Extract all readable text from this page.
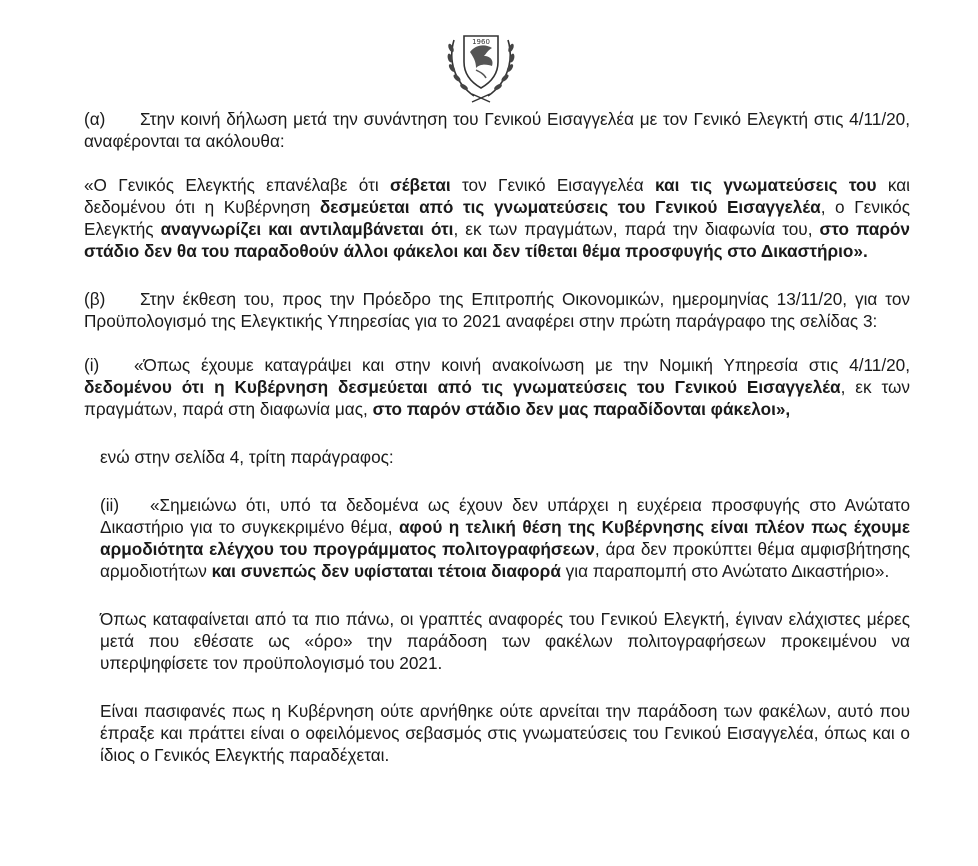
1960

(α) Στην κοινή δήλωση μετά την συνάντηση του Γενικού Εισαγγελέα με τον Γενικό Ελεγκτή στις 4/11/20, αναφέρονται τα ακόλουθα:

«Ο Γενικός Ελεγκτής επανέλαβε ότι σέβεται τον Γενικό Εισαγγελέα και τις γνωματεύσεις του και δεδομένου ότι η Κυβέρνηση δεσμεύεται από τις γνωματεύσεις του Γενικού Εισαγγελέα, ο Γενικός Ελεγκτής αναγνωρίζει και αντιλαμβάνεται ότι, εκ των πραγμάτων, παρά την διαφωνία του, στο παρόν στάδιο δεν θα του παραδοθούν άλλοι φάκελοι και δεν τίθεται θέμα προσφυγής στο Δικαστήριο».

(β) Στην έκθεση του, προς την Πρόεδρο της Επιτροπής Οικονομικών, ημερομηνίας 13/11/20, για τον Προϋπολογισμό της Ελεγκτικής Υπηρεσίας για το 2021 αναφέρει στην πρώτη παράγραφο της σελίδας 3:

(i) «Όπως έχουμε καταγράψει και στην κοινή ανακοίνωση με την Νομική Υπηρεσία στις 4/11/20, δεδομένου ότι η Κυβέρνηση δεσμεύεται από τις γνωματεύσεις του Γενικού Εισαγγελέα, εκ των πραγμάτων, παρά στη διαφωνία μας, στο παρόν στάδιο δεν μας παραδίδονται φάκελοι»,

ενώ στην σελίδα 4, τρίτη παράγραφος:

(ii) «Σημειώνω ότι, υπό τα δεδομένα ως έχουν δεν υπάρχει η ευχέρεια προσφυγής στο Ανώτατο Δικαστήριο για το συγκεκριμένο θέμα, αφού η τελική θέση της Κυβέρνησης είναι πλέον πως έχουμε αρμοδιότητα ελέγχου του προγράμματος πολιτογραφήσεων, άρα δεν προκύπτει θέμα αμφισβήτησης αρμοδιοτήτων και συνεπώς δεν υφίσταται τέτοια διαφορά για παραπομπή στο Ανώτατο Δικαστήριο».

Όπως καταφαίνεται από τα πιο πάνω, οι γραπτές αναφορές του Γενικού Ελεγκτή, έγιναν ελάχιστες μέρες μετά που εθέσατε ως «όρο» την παράδοση των φακέλων πολιτογραφήσεων προκειμένου να υπερψηφίσετε τον προϋπολογισμό του 2021.

Είναι πασιφανές πως η Κυβέρνηση ούτε αρνήθηκε ούτε αρνείται την παράδοση των φακέλων, αυτό που έπραξε και πράττει είναι ο οφειλόμενος σεβασμός στις γνωματεύσεις του Γενικού Εισαγγελέα, όπως και ο ίδιος ο Γενικός Ελεγκτής παραδέχεται.
